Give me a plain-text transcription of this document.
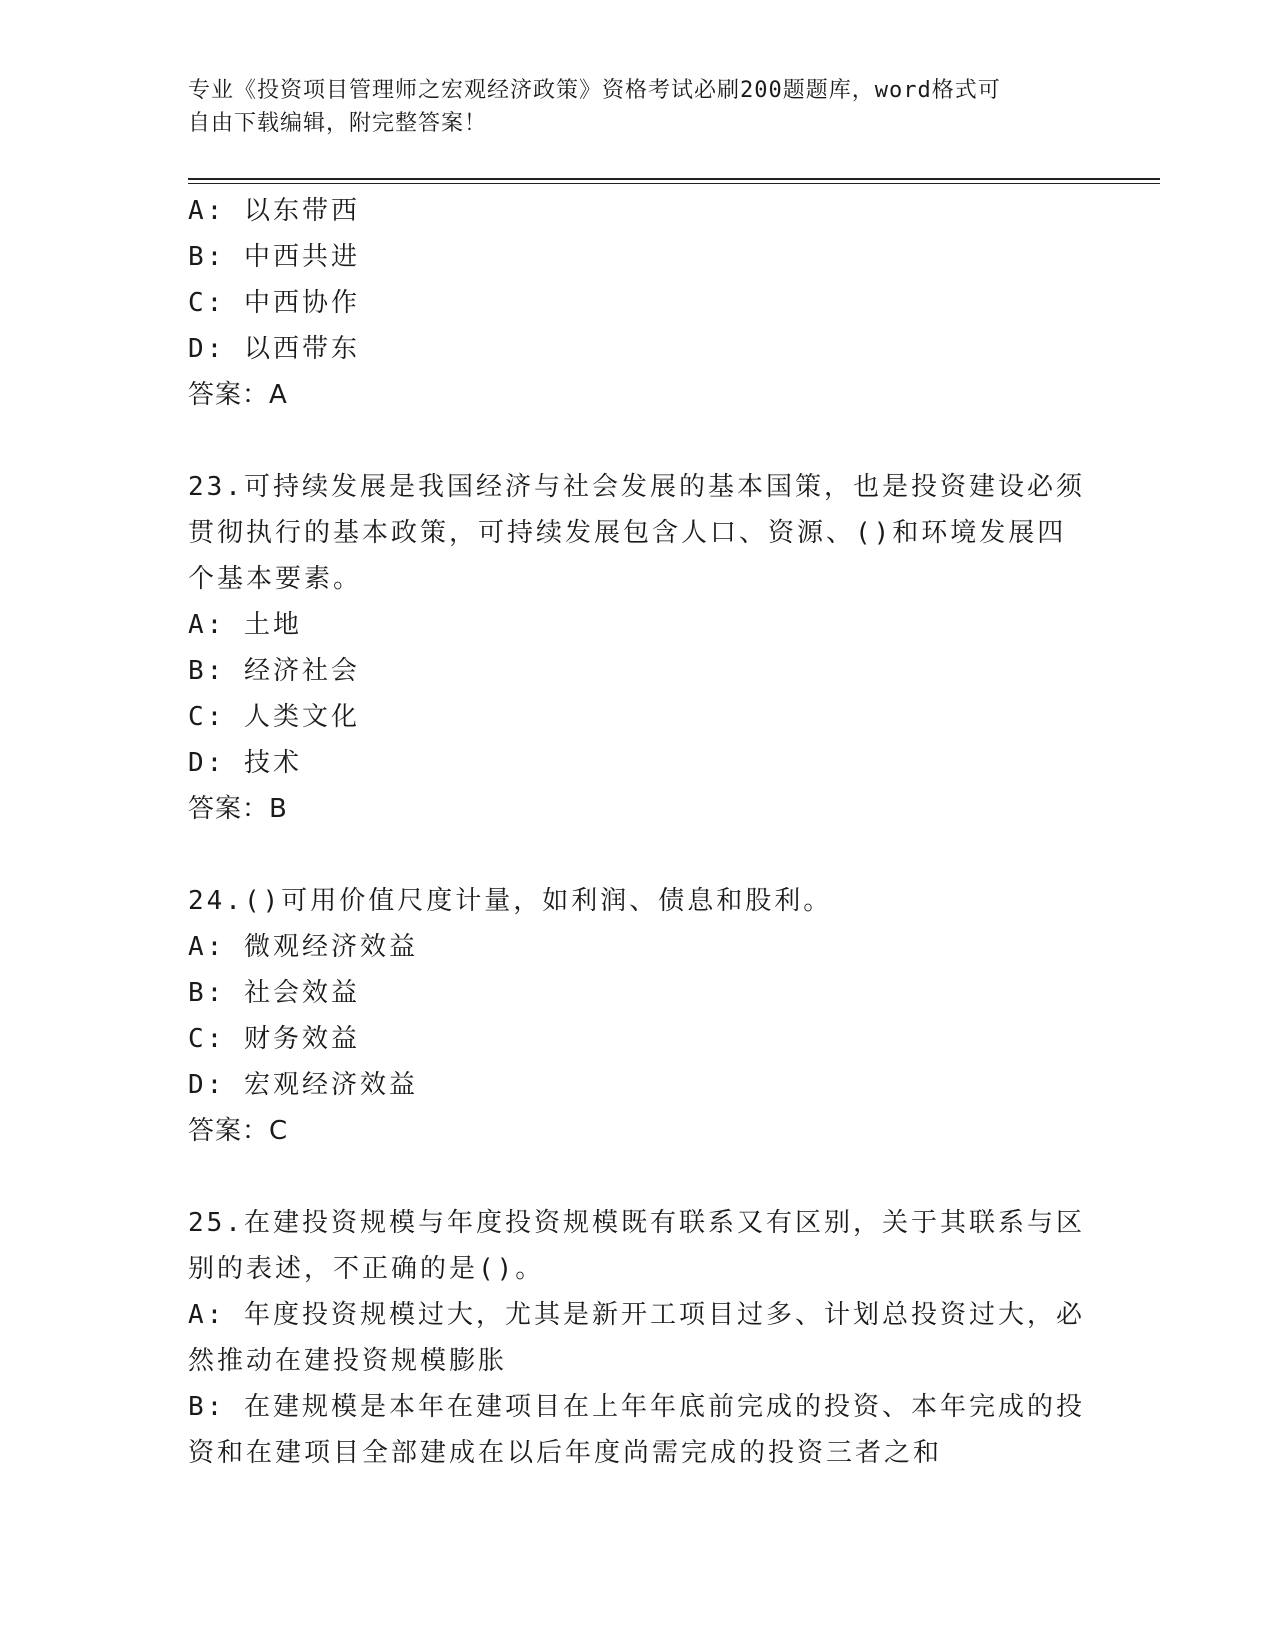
专业《投资项目管理师之宏观经济政策》资格考试必刷200题题库，word格式可
自由下载编辑，附完整答案！
A: 以东带西
B: 中西共进
C: 中西协作
D: 以西带东
答案：A
23.可持续发展是我国经济与社会发展的基本国策，也是投资建设必须
贯彻执行的基本政策，可持续发展包含人口、资源、()和环境发展四
个基本要素。
A: 土地
B: 经济社会
C: 人类文化
D: 技术
答案：B
24.()可用价值尺度计量，如利润、债息和股利。
A: 微观经济效益
B: 社会效益
C: 财务效益
D: 宏观经济效益
答案：C
25.在建投资规模与年度投资规模既有联系又有区别，关于其联系与区
别的表述，不正确的是()。
A: 年度投资规模过大，尤其是新开工项目过多、计划总投资过大，必
然推动在建投资规模膨胀
B: 在建规模是本年在建项目在上年年底前完成的投资、本年完成的投
资和在建项目全部建成在以后年度尚需完成的投资三者之和
